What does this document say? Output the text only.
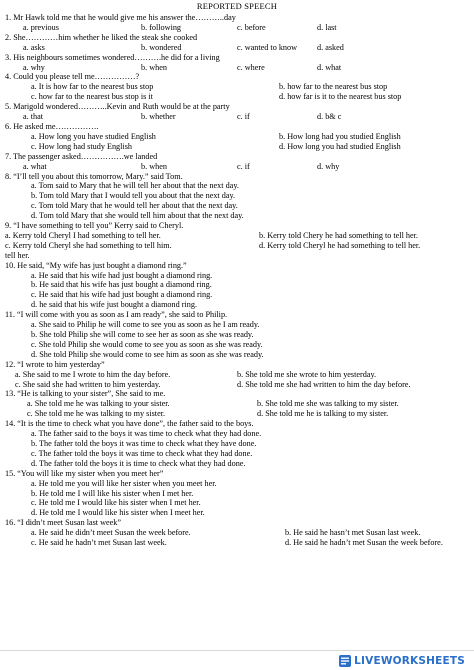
REPORTED SPEECH
1. Mr Hawk told me that he would give me his answer the………..day
a. previous	b. following	c. before	d. last
2. She…………him whether he liked the steak she cooked
a. asks	b. wondered	c. wanted to know	d. asked
3. His neighbours sometimes wondered……….he did for a living
a. why	b. when	c. where	d. what
4. Could you please tell me……………?
a. It is how far to the nearest bus stop	b. how far to the nearest bus stop
c. how far to the nearest bus stop is it	d. how far is it to the nearest bus stop
5. Marigold wondered………..Kevin and Ruth would be at the party
a. that	b. whether	c. if	d. b& c
6. He asked me…………….
a. How long you have studied English	b. How long had you studied English
c. How long had study English	d. How long you had studied English
7. The passenger asked…………….we landed
a. what	b. when	c. if	d. why
8. “I’ll tell you about this tomorrow, Mary.” said Tom.
a. Tom said to Mary that he will tell her about that the next day.
b. Tom told Mary that I would tell you about that the next day.
c. Tom told Mary that he would tell her about that the next day.
d. Tom told Mary that she would tell him about that the next day.
9. “I have something to tell you” Kerry said to Cheryl.
a. Kerry told Cheryl I had something to tell her.	b. Kerry told Chery he had something to tell her.
c. Kerry told Cheryl she had something to tell him.	d. Kerry told Cheryl he had something to tell her.
tell her.
10. He said, “My wife has just bought a diamond ring.”
a. He said that his wife had just bought a diamond ring.
b. He said that his wife has just bought a diamond ring.
c. He said that his wife had just bought a diamond ring.
d. he said that his wife just bought a diamond ring.
11. “I will come with you as soon as I am ready”, she said to Philip.
a. She said to Philip he will come to see you as soon as he I am ready.
b. She told Philip she will come to see her as soon as she was ready.
c. She told Philip she would come to see you as soon as she was ready.
d. She told Philip she would come to see him as soon as she was ready.
12. “I wrote to him yesterday”
a. She said to me I wrote to him the day before.	b. She told me she wrote to him yesterday.
c. She said she had written to him yesterday.	d. She told me she had written to him the day before.
13. “He is talking to your sister”, She said to me.
a. She told me he was talking to your sister.	b. She told me she was talking to my sister.
c. She told me he was talking to my sister.	d. She told me he is talking to my sister.
14. “It is the time to check what you have done”, the father said to the boys.
a. The father said to the boys it was time to check what they had done.
b. The father told the boys it was time to check what they have done.
c. The father told the boys it was time to check what they had done.
d. The father told the boys it is time to check what they had done.
15. “You will like my sister when you meet her”
a. He told me you will like her sister when you meet her.
b. He told me I will like his sister when I met her.
c. He told me I would like his sister when I met her.
d. He told me I would like his sister when I meet her.
16. “I didn’t meet Susan last week”
a. He said he didn’t meet Susan the week before.	b. He said he hasn’t met Susan last week.
c. He said he hadn’t met Susan last week.	d. He said he hadn’t met Susan the week before.
LIVEWORKSHEETS
